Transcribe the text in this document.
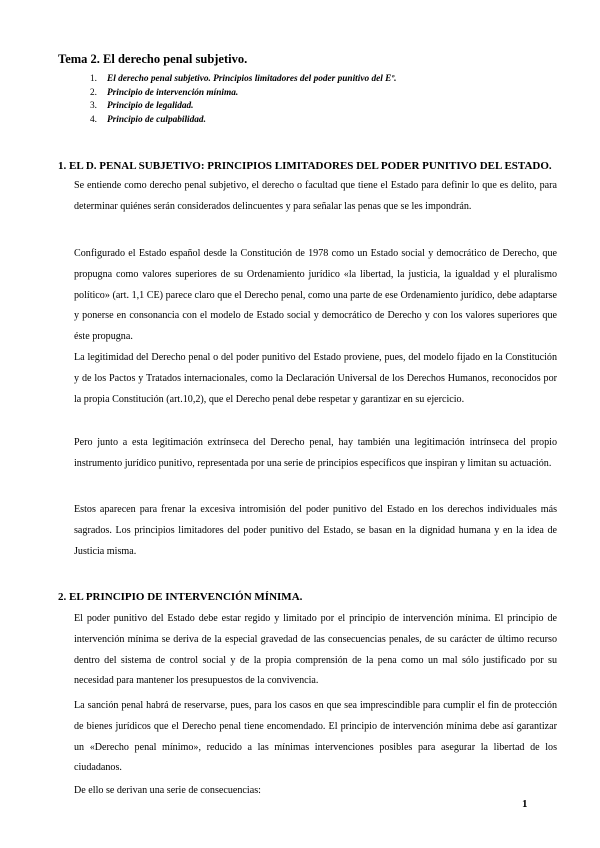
Tema 2. El derecho penal subjetivo.
1. El derecho penal subjetivo. Principios limitadores del poder punitivo del Eº.
2. Principio de intervención mínima.
3. Principio de legalidad.
4. Principio de culpabilidad.
1. EL D. PENAL SUBJETIVO: PRINCIPIOS LIMITADORES DEL PODER PUNITIVO DEL ESTADO.

Se entiende como derecho penal subjetivo, el derecho o facultad que tiene el Estado para definir lo que es delito, para determinar quiénes serán considerados delincuentes y para señalar las penas que se les impondrán.

Configurado el Estado español desde la Constitución de 1978 como un Estado social y democrático de Derecho, que propugna como valores superiores de su Ordenamiento jurídico «la libertad, la justicia, la igualdad y el pluralismo político» (art. 1,1 CE) parece claro que el Derecho penal, como una parte de ese Ordenamiento jurídico, debe adaptarse y ponerse en consonancia con el modelo de Estado social y democrático de Derecho y con los valores superiores que éste propugna.

La legitimidad del Derecho penal o del poder punitivo del Estado proviene, pues, del modelo fijado en la Constitución y de los Pactos y Tratados internacionales, como la Declaración Universal de los Derechos Humanos, reconocidos por la propia Constitución (art.10,2), que el Derecho penal debe respetar y garantizar en su ejercicio.

Pero junto a esta legitimación extrínseca del Derecho penal, hay también una legitimación intrínseca del propio instrumento jurídico punitivo, representada por una serie de principios específicos que inspiran y limitan su actuación.

Estos aparecen para frenar la excesiva intromisión del poder punitivo del Estado en los derechos individuales más sagrados. Los principios limitadores del poder punitivo del Estado, se basan en la dignidad humana y en la idea de Justicia misma.

2. EL PRINCIPIO DE INTERVENCIÓN MÍNIMA.

El poder punitivo del Estado debe estar regido y limitado por el principio de intervención mínima. El principio de intervención mínima se deriva de la especial gravedad de las consecuencias penales, de su carácter de último recurso dentro del sistema de control social y de la propia comprensión de la pena como un mal sólo justificado por su necesidad para mantener los presupuestos de la convivencia.

La sanción penal habrá de reservarse, pues, para los casos en que sea imprescindible para cumplir el fin de protección de bienes jurídicos que el Derecho penal tiene encomendado. El principio de intervención mínima debe así garantizar un «Derecho penal mínimo», reducido a las mínimas intervenciones posibles para asegurar la libertad de los ciudadanos.

De ello se derivan una serie de consecuencias:

1
